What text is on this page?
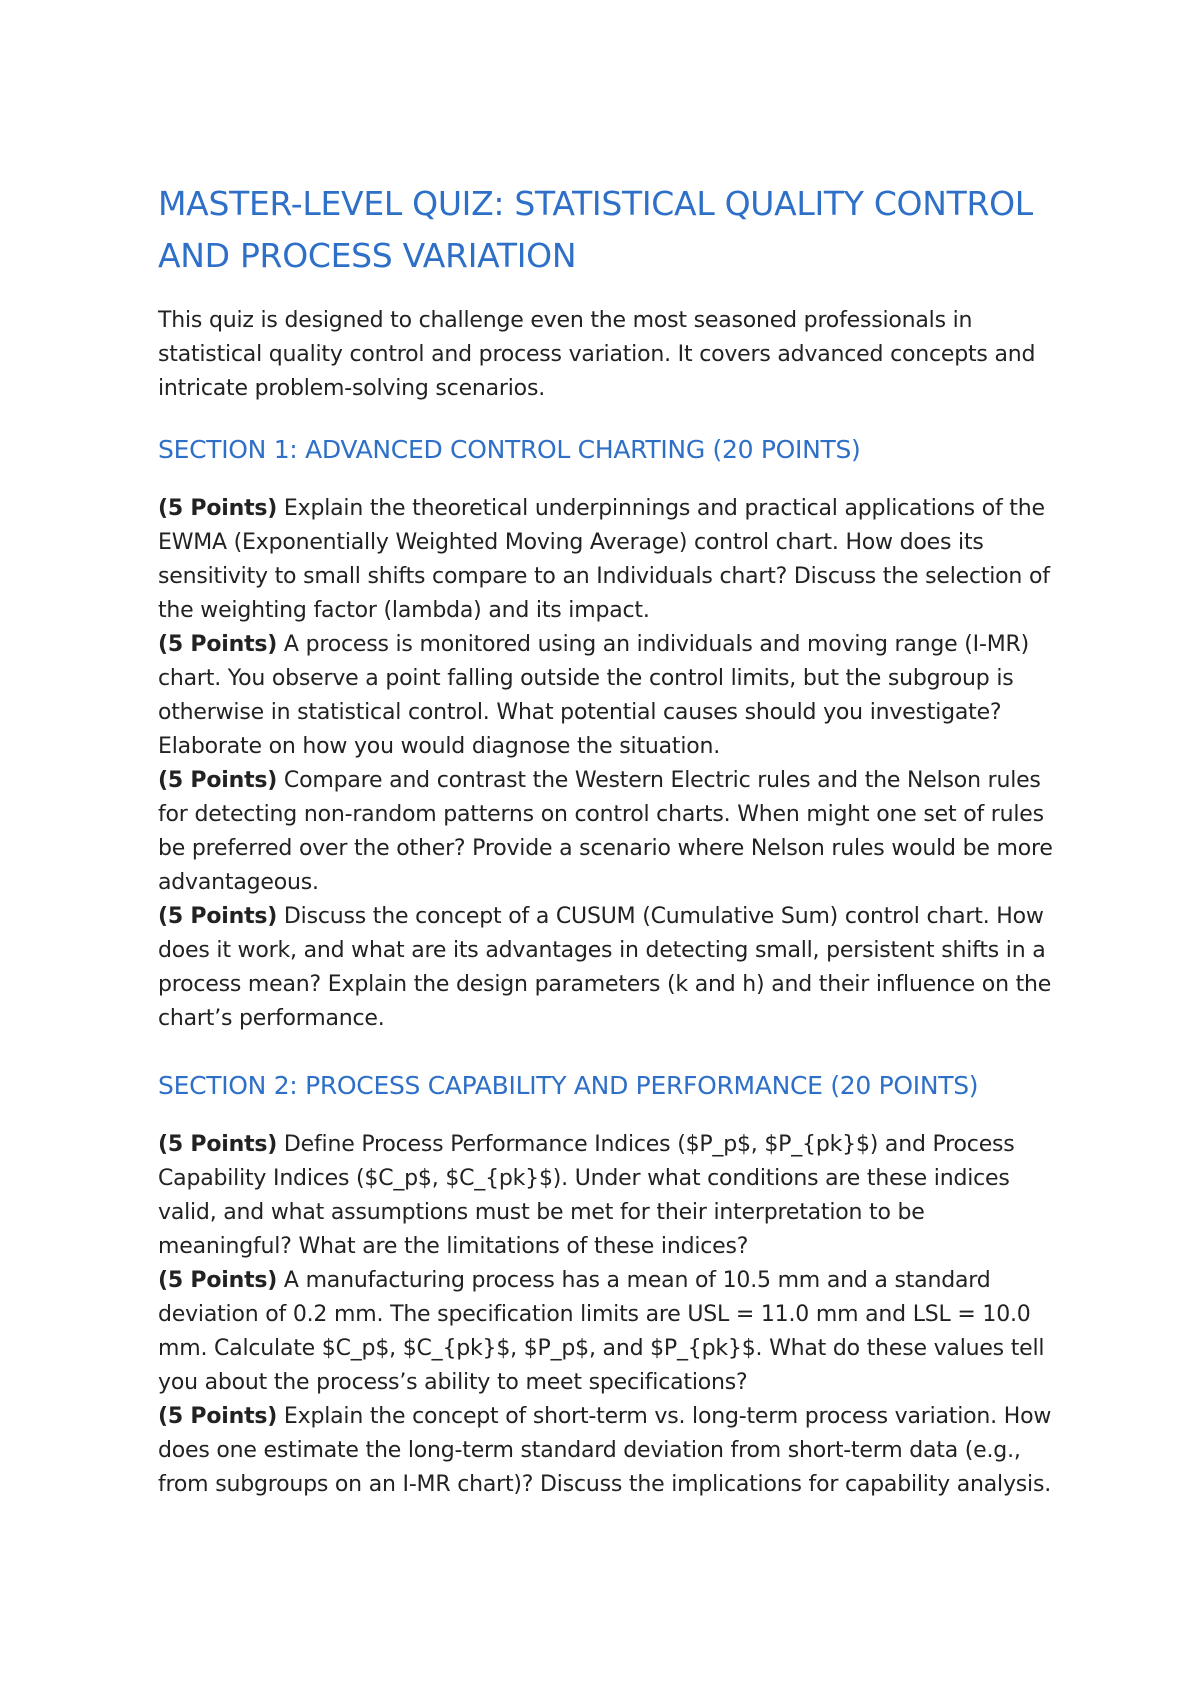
MASTER-LEVEL QUIZ: STATISTICAL QUALITY CONTROL AND PROCESS VARIATION

This quiz is designed to challenge even the most seasoned professionals in statistical quality control and process variation. It covers advanced concepts and intricate problem-solving scenarios.

SECTION 1: ADVANCED CONTROL CHARTING (20 POINTS)

(5 Points) Explain the theoretical underpinnings and practical applications of the EWMA (Exponentially Weighted Moving Average) control chart. How does its sensitivity to small shifts compare to an Individuals chart? Discuss the selection of the weighting factor (lambda) and its impact.

(5 Points) A process is monitored using an individuals and moving range (I-MR) chart. You observe a point falling outside the control limits, but the subgroup is otherwise in statistical control. What potential causes should you investigate? Elaborate on how you would diagnose the situation.

(5 Points) Compare and contrast the Western Electric rules and the Nelson rules for detecting non-random patterns on control charts. When might one set of rules be preferred over the other? Provide a scenario where Nelson rules would be more advantageous.

(5 Points) Discuss the concept of a CUSUM (Cumulative Sum) control chart. How does it work, and what are its advantages in detecting small, persistent shifts in a process mean? Explain the design parameters (k and h) and their influence on the chart’s performance.

SECTION 2: PROCESS CAPABILITY AND PERFORMANCE (20 POINTS)

(5 Points) Define Process Performance Indices ($P_p$, $P_{pk}$) and Process Capability Indices ($C_p$, $C_{pk}$). Under what conditions are these indices valid, and what assumptions must be met for their interpretation to be meaningful? What are the limitations of these indices?

(5 Points) A manufacturing process has a mean of 10.5 mm and a standard deviation of 0.2 mm. The specification limits are USL = 11.0 mm and LSL = 10.0 mm. Calculate $C_p$, $C_{pk}$, $P_p$, and $P_{pk}$. What do these values tell you about the process’s ability to meet specifications?

(5 Points) Explain the concept of short-term vs. long-term process variation. How does one estimate the long-term standard deviation from short-term data (e.g., from subgroups on an I-MR chart)? Discuss the implications for capability analysis.
